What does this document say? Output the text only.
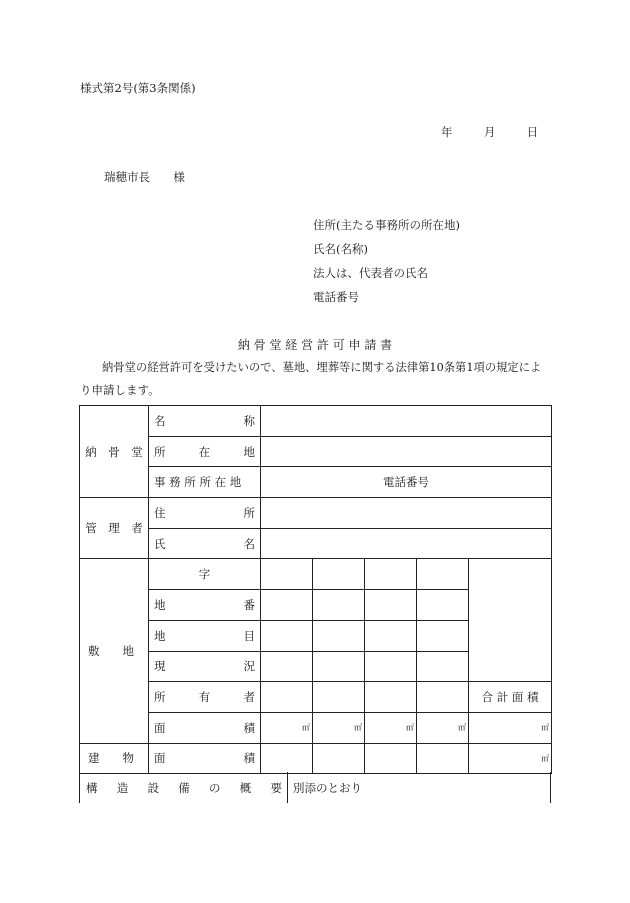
様式第2号(第3条関係)
年	月	日
瑞穂市長 様
住所(主たる事務所の所在地)
氏名(名称)
法人は、代表者の氏名
電話番号
納 骨 堂 経 営 許 可 申 請 書
納骨堂の経営許可を受けたいので、墓地、埋葬等に関する法律第10条第1項の規定によ
り申請します。
納　骨　堂	名 称					

	所 在 地					

	事 務 所 所 在 地	電話番号				
管　理　者	住 所					

	氏 名					

敷 地	字					

	地 番					

	地 目					

	現 況					

	所 有 者					合 計 面 積

	面 積	㎡	㎡	㎡	㎡	㎡

建 物	面 積					㎡
構 造 設 備 の 概 要 別添のとおり
